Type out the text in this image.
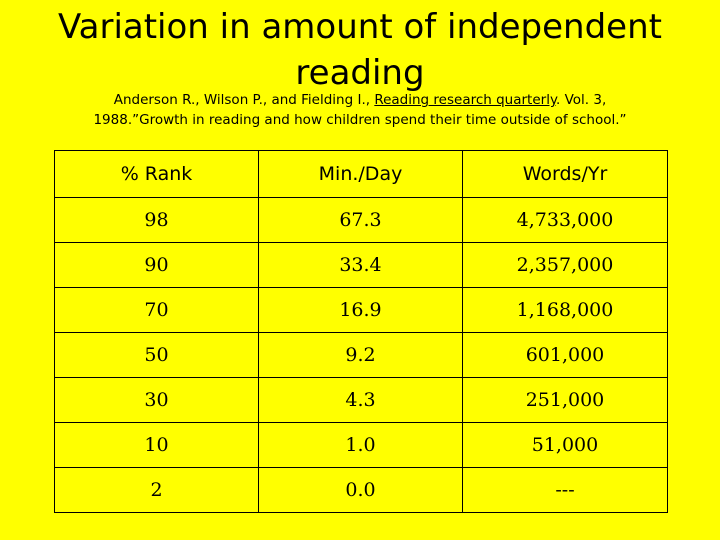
Variation in amount of independent reading

Anderson R., Wilson P., and Fielding I., Reading research quarterly. Vol. 3,
1988.”Growth in reading and how children spend their time outside of school.”

% Rank	Min./Day	Words/Yr
98	67.3	4,733,000
90	33.4	2,357,000
70	16.9	1,168,000
50	9.2	601,000
30	4.3	251,000
10	1.0	51,000
2	0.0	---
